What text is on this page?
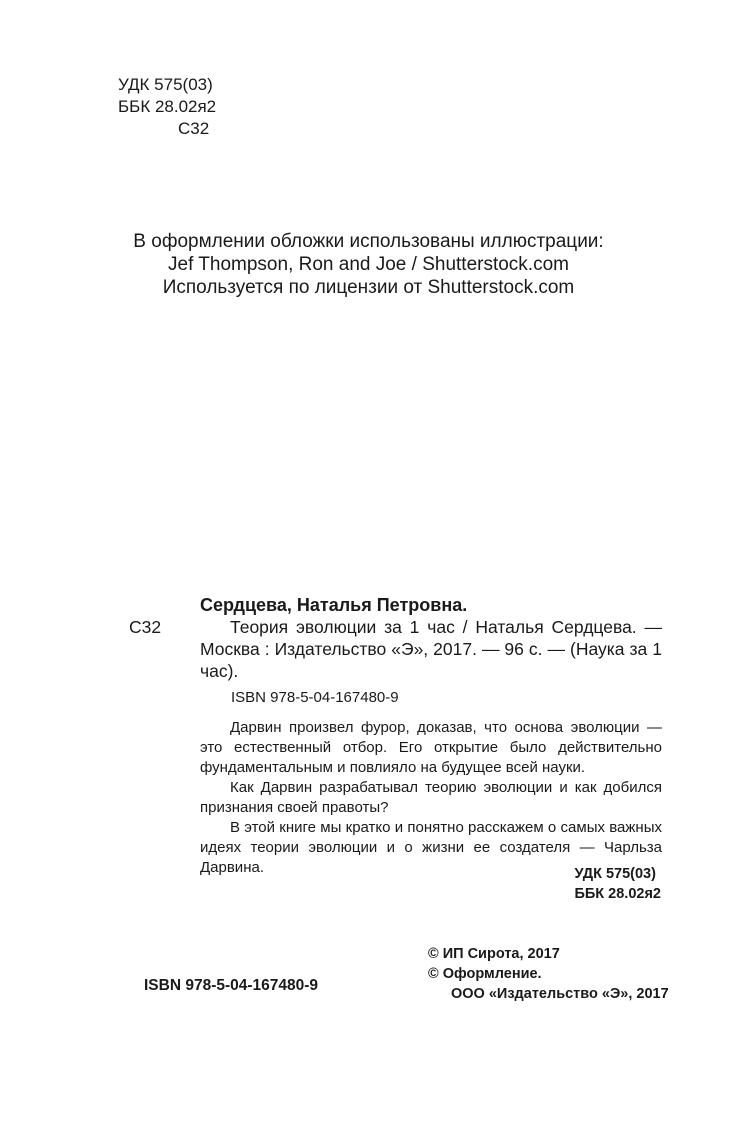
УДК 575(03)
ББК 28.02я2
С32
В оформлении обложки использованы иллюстрации:
Jef Thompson, Ron and Joe / Shutterstock.com
Используется по лицензии от Shutterstock.com
С32
Сердцева, Наталья Петровна.
Теория эволюции за 1 час / Наталья Сердцева. — Москва : Издательство «Э», 2017. — 96 с. — (Наука за 1 час).
ISBN 978-5-04-167480-9

Дарвин произвел фурор, доказав, что основа эволюции — это естественный отбор. Его открытие было действительно фундаментальным и повлияло на будущее всей науки.

Как Дарвин разрабатывал теорию эволюции и как добился признания своей правоты?

В этой книге мы кратко и понятно расскажем о самых важных идеях теории эволюции и о жизни ее создателя — Чарльза Дарвина.	УДК 575(03)
ББК 28.02я2
© ИП Сирота, 2017
© Оформление.
ООО «Издательство «Э», 2017
ISBN 978-5-04-167480-9
